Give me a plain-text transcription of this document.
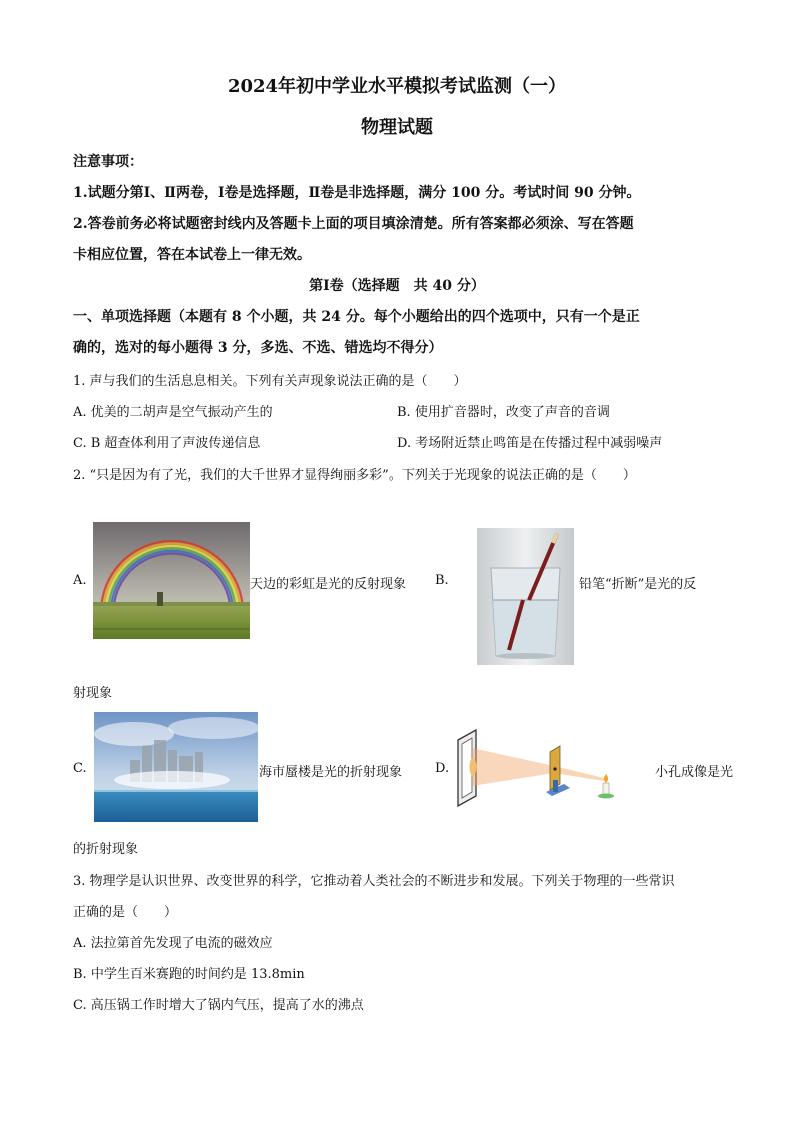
2024年初中学业水平模拟考试监测（一）
物理试题
注意事项：
1.试题分第Ⅰ、Ⅱ两卷，Ⅰ卷是选择题，Ⅱ卷是非选择题，满分 100 分。考试时间 90 分钟。
2.答卷前务必将试题密封线内及答题卡上面的项目填涂清楚。所有答案都必须涂、写在答题
卡相应位置，答在本试卷上一律无效。
第Ⅰ卷（选择题　共 40 分）
一、单项选择题（本题有 8 个小题，共 24 分。每个小题给出的四个选项中，只有一个是正
确的，选对的每小题得 3 分，多选、不选、错选均不得分）
1. 声与我们的生活息息相关。下列有关声现象说法正确的是（　　）
A. 优美的二胡声是空气振动产生的	B. 使用扩音器时，改变了声音的音调
C. B 超查体利用了声波传递信息	D. 考场附近禁止鸣笛是在传播过程中减弱噪声
2. “只是因为有了光，我们的大千世界才显得绚丽多彩”。下列关于光现象的说法正确的是（　　）
A.	天边的彩虹是光的反射现象 B.	铅笔“折断”是光的反
射现象
C.	海市蜃楼是光的折射现象	D.	小孔成像是光
的折射现象
3. 物理学是认识世界、改变世界的科学，它推动着人类社会的不断进步和发展。下列关于物理的一些常识
正确的是（　　）
A. 法拉第首先发现了电流的磁效应
B. 中学生百米赛跑的时间约是 13.8min
C. 高压锅工作时增大了锅内气压，提高了水的沸点
